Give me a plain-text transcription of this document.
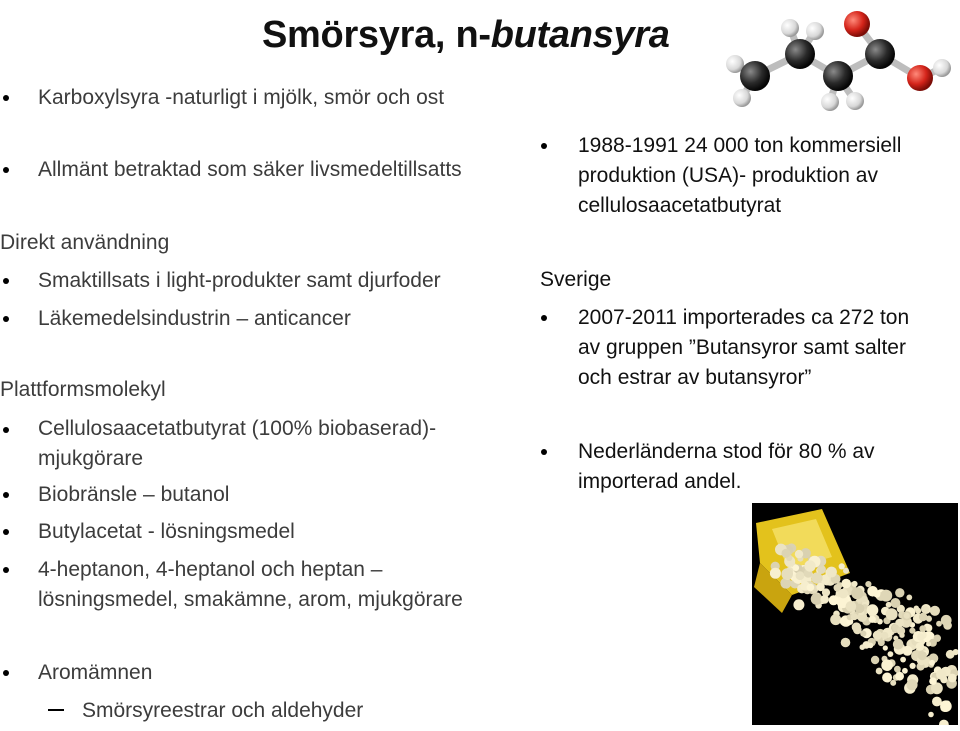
Smörsyra, n-butansyra
Karboxylsyra -naturligt i mjölk, smör och ost
Allmänt betraktad som säker livsmedeltillsatts
Direkt användning
Smaktillsats i light-produkter samt djurfoder
Läkemedelsindustrin – anticancer
Plattformsmolekyl
Cellulosaacetatbutyrat (100% biobaserad)-
mjukgörare
Biobränsle – butanol
Butylacetat - lösningsmedel
4-heptanon, 4-heptanol och heptan –
lösningsmedel, smakämne, arom, mjukgörare
Aromämnen
Smörsyreestrar och aldehyder
1988-1991 24 000 ton kommersiell
produktion (USA)- produktion av
cellulosaacetatbutyrat
Sverige
2007-2011 importerades ca 272 ton
av gruppen ”Butansyror samt salter
och estrar av butansyror”
Nederländerna stod för 80 % av
importerad andel.
